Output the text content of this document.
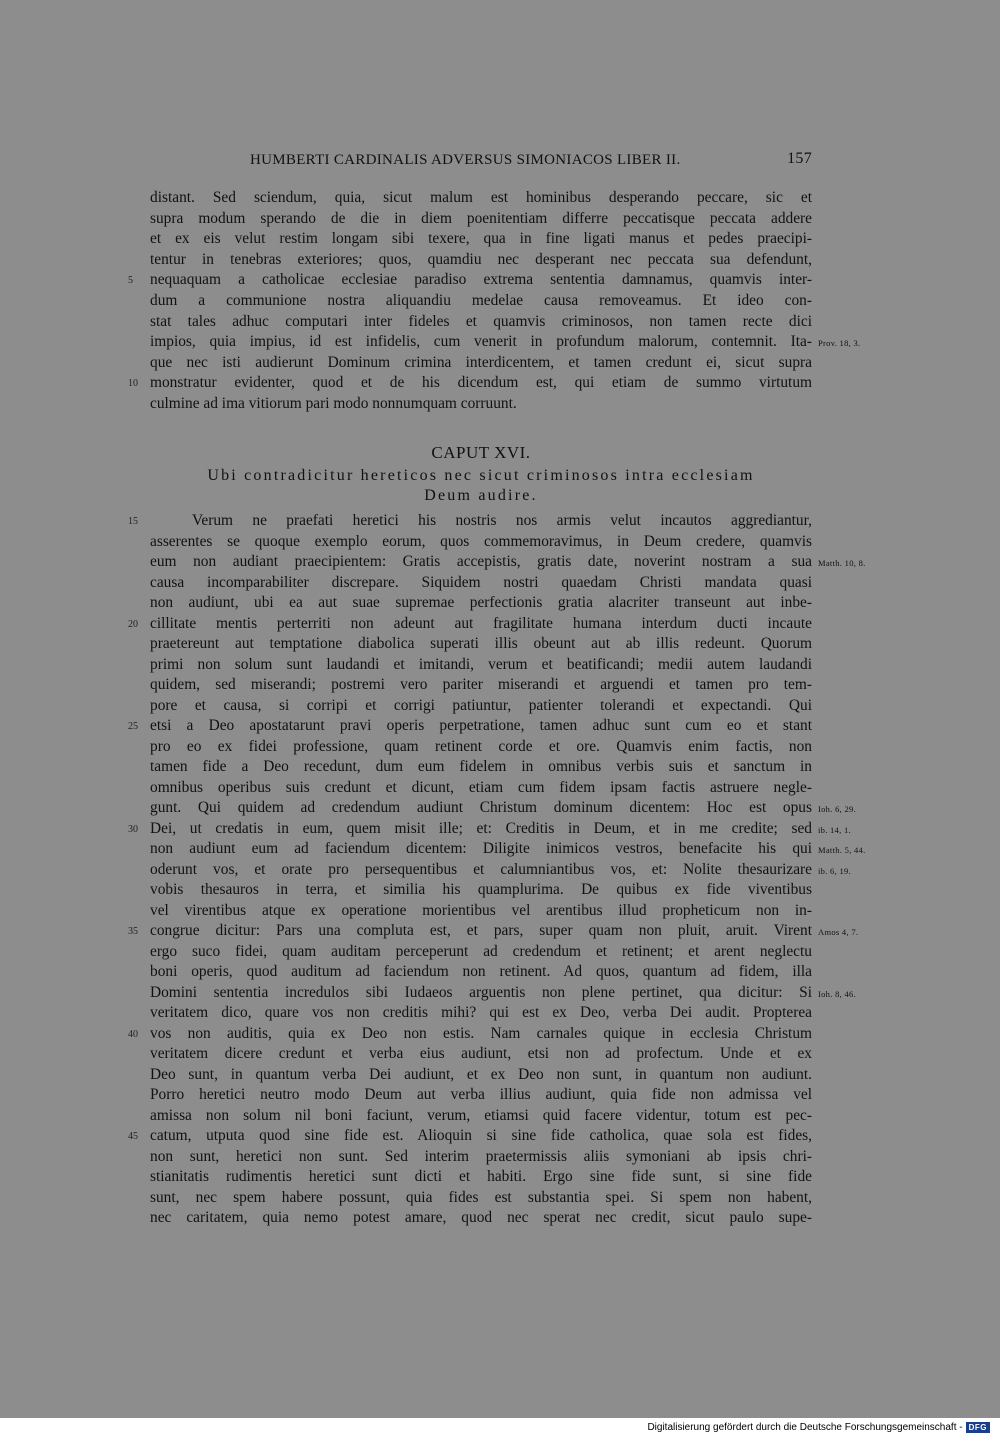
HUMBERTI CARDINALIS ADVERSUS SIMONIACOS LIBER II.	157
distant. Sed sciendum, quia, sicut malum est hominibus desperando peccare, sic et
supra modum sperando de die in diem poenitentiam differre peccatisque peccata addere
et ex eis velut restim longam sibi texere, qua in fine ligati manus et pedes praecipi-
tentur in tenebras exteriores; quos, quamdiu nec desperant nec peccata sua defendunt,
nequaquam a catholicae ecclesiae paradiso extrema sententia damnamus, quamvis inter-
5
dum a communione nostra aliquandiu medelae causa removeamus. Et ideo con-
stat tales adhuc computari inter fideles et quamvis criminosos, non tamen recte dici
impios, quia impius, id est infidelis, cum venerit in profundum malorum, contemnit. Ita- Prov. 18, 3.
que nec isti audierunt Dominum crimina interdicentem, et tamen credunt ei, sicut supra
monstratur evidenter, quod et de his dicendum est, qui etiam de summo virtutum
10
culmine ad ima vitiorum pari modo nonnumquam corruunt.
CAPUT XVI.
Ubi contradicitur hereticos nec sicut criminosos intra ecclesiam
Deum audire.
Verum ne praefati heretici his nostris nos armis velut incautos aggrediantur,
15
asserentes se quoque exemplo eorum, quos commemoravimus, in Deum credere, quamvis
eum non audiant praecipientem: Gratis accepistis, gratis date, noverint nostram a sua Matth. 10, 8.
causa incomparabiliter discrepare. Siquidem nostri quaedam Christi mandata quasi
non audiunt, ubi ea aut suae supremae perfectionis gratia alacriter transeunt aut inbe-
cillitate mentis perterriti non adeunt aut fragilitate humana interdum ducti incaute
20
praetereunt aut temptatione diabolica superati illis obeunt aut ab illis redeunt. Quorum
primi non solum sunt laudandi et imitandi, verum et beatificandi; medii autem laudandi
quidem, sed miserandi; postremi vero pariter miserandi et arguendi et tamen pro tem-
pore et causa, si corripi et corrigi patiuntur, patienter tolerandi et expectandi. Qui
etsi a Deo apostatarunt pravi operis perpetratione, tamen adhuc sunt cum eo et stant
25
pro eo ex fidei professione, quam retinent corde et ore. Quamvis enim factis, non
tamen fide a Deo recedunt, dum eum fidelem in omnibus verbis suis et sanctum in
omnibus operibus suis credunt et dicunt, etiam cum fidem ipsam factis astruere negle-
gunt. Qui quidem ad credendum audiunt Christum dominum dicentem: Hoc est opus Ioh. 6, 29.
Dei, ut credatis in eum, quem misit ille; et: Creditis in Deum, et in me credite; sed
30	ib. 14, 1.
non audiunt eum ad faciendum dicentem: Diligite inimicos vestros, benefacite his qui Matth. 5, 44.
oderunt vos, et orate pro persequentibus et calumniantibus vos, et: Nolite thesaurizare ib. 6, 19.
vobis thesauros in terra, et similia his quamplurima. De quibus ex fide viventibus
vel virentibus atque ex operatione morientibus vel arentibus illud propheticum non in-
congrue dicitur: Pars una compluta est, et pars, super quam non pluit, aruit. Virent
35	Amos 4, 7.
ergo suco fidei, quam auditam perceperunt ad credendum et retinent; et arent neglectu
boni operis, quod auditum ad faciendum non retinent. Ad quos, quantum ad fidem, illa
Domini sententia incredulos sibi Iudaeos arguentis non plene pertinet, qua dicitur: Si Ioh. 8, 46.
veritatem dico, quare vos non creditis mihi? qui est ex Deo, verba Dei audit. Propterea
vos non auditis, quia ex Deo non estis. Nam carnales quique in ecclesia Christum
40
veritatem dicere credunt et verba eius audiunt, etsi non ad profectum. Unde et ex
Deo sunt, in quantum verba Dei audiunt, et ex Deo non sunt, in quantum non audiunt.
Porro heretici neutro modo Deum aut verba illius audiunt, quia fide non admissa vel
amissa non solum nil boni faciunt, verum, etiamsi quid facere videntur, totum est pec-
catum, utputa quod sine fide est. Alioquin si sine fide catholica, quae sola est fides,
45
non sunt, heretici non sunt. Sed interim praetermissis aliis symoniani ab ipsis chri-
stianitatis rudimentis heretici sunt dicti et habiti. Ergo sine fide sunt, si sine fide
sunt, nec spem habere possunt, quia fides est substantia spei. Si spem non habent,
nec caritatem, quia nemo potest amare, quod nec sperat nec credit, sicut paulo supe-
Digitalisierung gefördert durch die Deutsche Forschungsgemeinschaft - DFG
